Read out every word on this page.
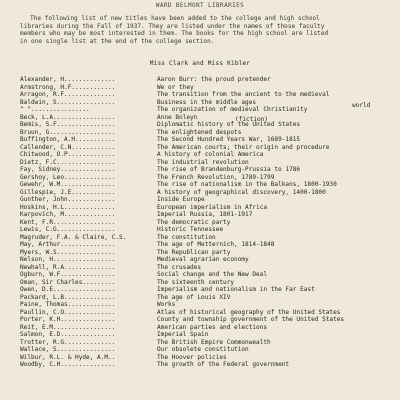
WARD BELMONT LIBRARIES
The following list of new titles have been added to the college and high school
libraries during the Fall of 1937. They are listed under the names of those faculty
members who may be most interested in them. The books for the high school are listed
in one single list at the end of the college section.
Miss Clark and Miss Kibler
world
(fiction)
Alexander, H..............	Aaron Burr: the proud pretender
Armstrong, H.F............	We or they
Arragon, R.F..............	The transition from the ancient to the medieval
Baldwin, S................	Business in the middle ages
" "................	The organization of medieval Christianity
Beck, L.A.................	Anne Boleyn
Bemis, S.F................	Diplomatic history of the United States
Bruun, G..................	The enlightened despots
Buffington, A.H...........	The Second Hundred Years War, 1689-1815
Callender, C.N............	The American courts; their origin and procedure
Chitwood, O.P.............	A history of colonial America
Dietz, F.C................	The industrial revolution
Fay, Sidney...............	The rise of Brandenburg-Prussia to 1786
Gershoy, Leo..............	The French Revolution, 1789-1799
Gewehr, W.M...............	The rise of nationalism in the Balkans, 1800-1930
Gillespie, J.E............	A history of geographical discovery, 1400-1800
Gunther, John.............	Inside Europe
Hoskins, H.L..............	European imperialism in Africa
Karpovich, M..............	Imperial Russia, 1801-1917
Kent, F.R.................	The democratic party
Lewis, C.G................	Historic Tennessee
Magruder, F.A. & Claire, C.S.	The constitution
May, Arthur...............	The age of Metternich, 1814-1848
Myers, W.S................	The Republican party
Nelson, H.................	Medieval agrarian economy
Newhall, R.A..............	The crusades
Ogburn, W.F...............	Social change and the New Deal
Oman, Sir Charles.........	The sixteenth century
Owen, D.E.................	Imperialism and nationalism in the Far East
Packard, L.B..............	The age of Louis XIV
Paine, Thomas.............	Works
Paullin, C.O..............	Atlas of historical geography of the United States
Porter, K.H...............	County and township government of the United States
Reit, E.M.................	American parties and elections
Salmon, E.D...............	Imperial Spain
Trotter, R.G..............	The British Empire Commonwealth
Wallace, S................	Our obsolete constitution
Wilbur, R.L. & Hyde, A.M..	The Hoover policies
Woodby, C.H...............	The growth of the Federal government
